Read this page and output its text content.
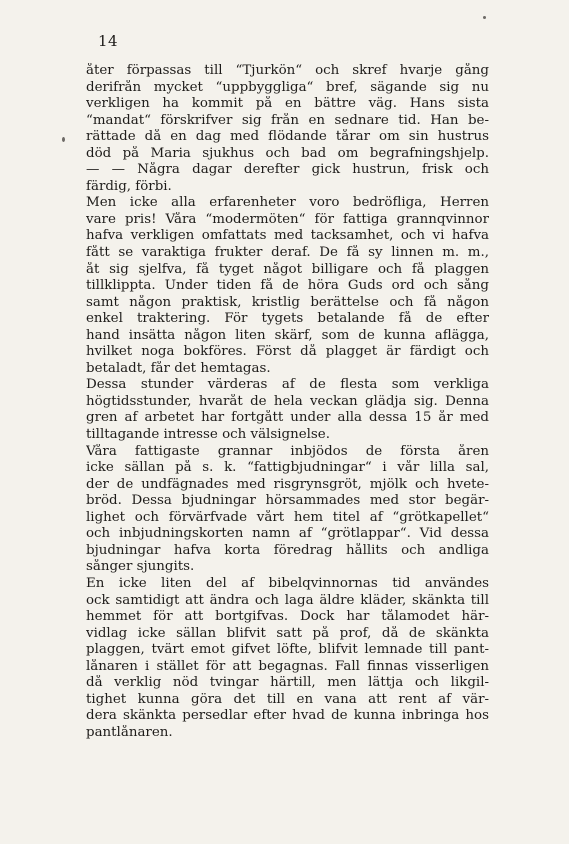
14
åter förpassas till “Tjurkön“ och skref hvarje gång
derifrån mycket “uppbyggliga“ bref, sägande sig nu
verkligen ha kommit på en bättre väg. Hans sista
“mandat“ förskrifver sig från en sednare tid. Han be-
rättade då en dag med flödande tårar om sin hustrus
död på Maria sjukhus och bad om begrafningshjelp.
— — Några dagar derefter gick hustrun, frisk och
färdig, förbi.
Men icke alla erfarenheter voro bedröfliga, Herren
vare pris! Våra “modermöten“ för fattiga grannqvinnor
hafva verkligen omfattats med tacksamhet, och vi hafva
fått se varaktiga frukter deraf. De få sy linnen m. m.,
åt sig sjelfva, få tyget något billigare och få plaggen
tillklippta. Under tiden få de höra Guds ord och sång
samt någon praktisk, kristlig berättelse och få någon
enkel traktering. För tygets betalande få de efter
hand insätta någon liten skärf, som de kunna aflägga,
hvilket noga bokföres. Först då plagget är färdigt och
betaladt, får det hemtagas.
Dessa stunder värderas af de flesta som verkliga
högtidsstunder, hvaråt de hela veckan glädja sig. Denna
gren af arbetet har fortgått under alla dessa 15 år med
tilltagande intresse och välsignelse.
Våra fattigaste grannar inbjödos de första åren
icke sällan på s. k. “fattigbjudningar“ i vår lilla sal,
der de undfägnades med risgrynsgröt, mjölk och hvete-
bröd. Dessa bjudningar hörsammades med stor begär-
lighet och förvärfvade vårt hem titel af “grötkapellet“
och inbjudningskorten namn af “grötlappar“. Vid dessa
bjudningar hafva korta föredrag hållits och andliga
sånger sjungits.
En icke liten del af bibelqvinnornas tid användes
ock samtidigt att ändra och laga äldre kläder, skänkta till
hemmet för att bortgifvas. Dock har tålamodet här-
vidlag icke sällan blifvit satt på prof, då de skänkta
plaggen, tvärt emot gifvet löfte, blifvit lemnade till pant-
lånaren i stället för att begagnas. Fall finnas visserligen
då verklig nöd tvingar härtill, men lättja och likgil-
tighet kunna göra det till en vana att rent af vär-
dera skänkta persedlar efter hvad de kunna inbringa hos
pantlånaren.
